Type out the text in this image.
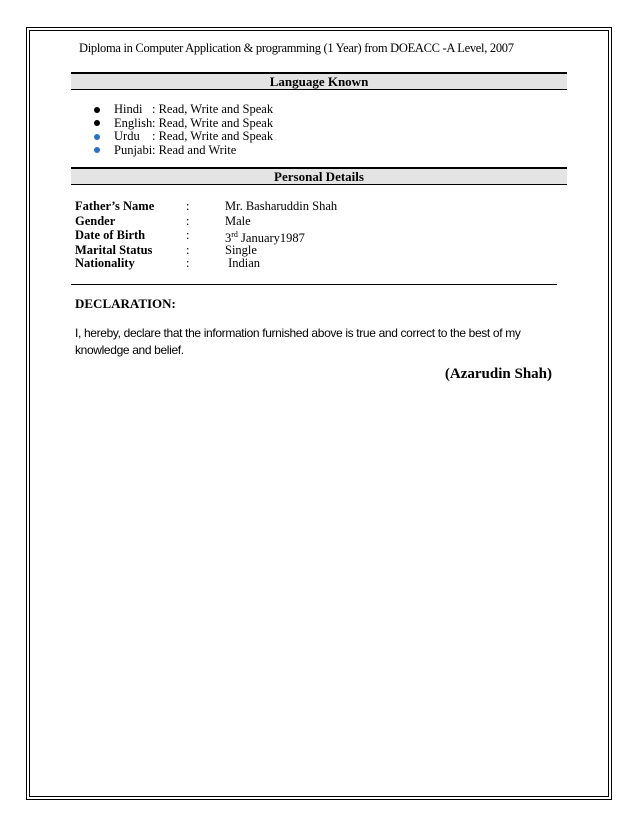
Diploma in Computer Application & programming (1 Year) from DOEACC -A Level, 2007
Language Known
Hindi : Read, Write and Speak
English : Read, Write and Speak
Urdu : Read, Write and Speak
Punjabi : Read and Write
Personal Details
Father’s Name	:	Mr. Basharuddin Shah
Gender	:	Male
Date of Birth	:	3rd January1987
Marital Status	:	Single
Nationality	:	Indian
DECLARATION:
I, hereby, declare that the information furnished above is true and correct to the best of my knowledge and belief.
(Azarudin Shah)
